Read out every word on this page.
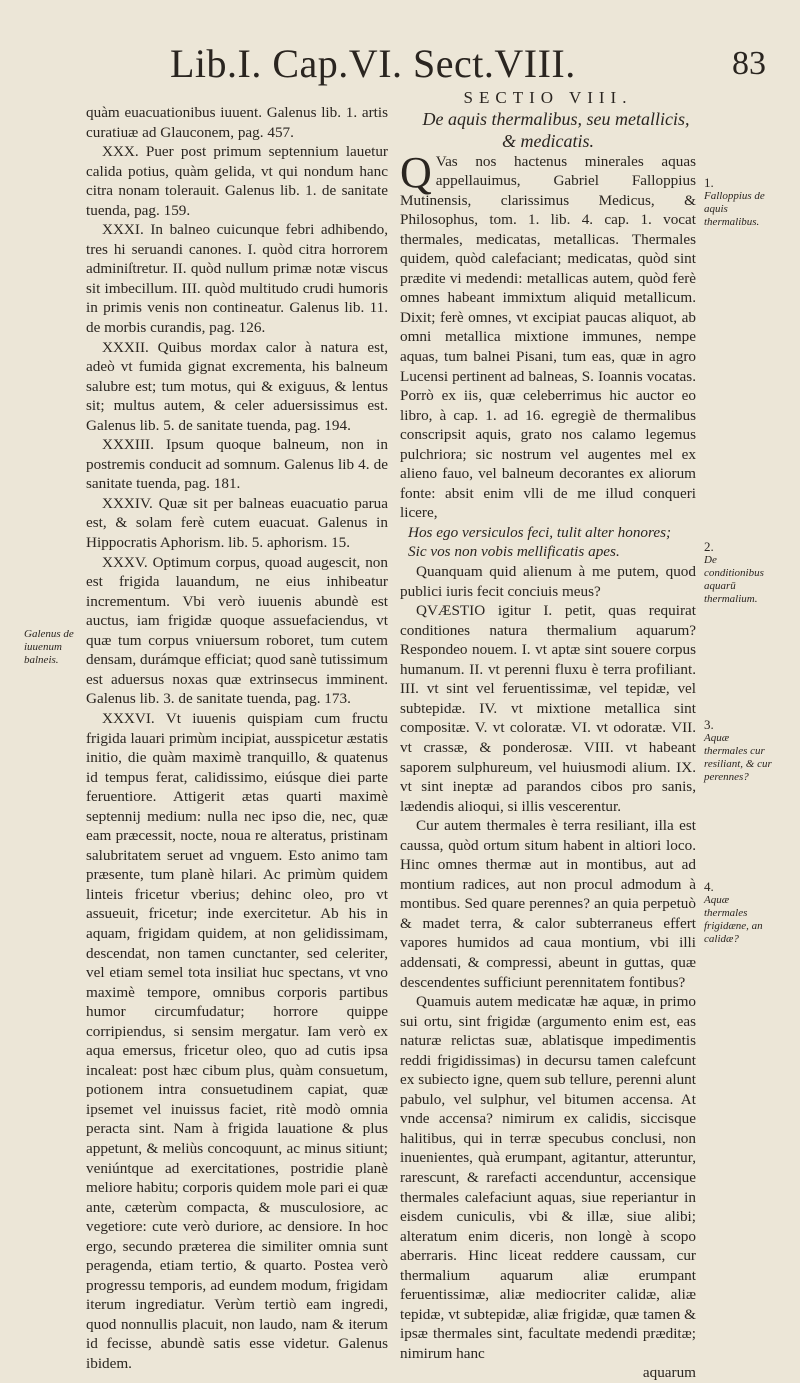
Lib.I. Cap.VI. Sect.VIII.	83

quàm euacuationibus iuuent. Galenus lib. 1. artis curatiuæ ad Glauconem, pag. 457.

XXX. Puer post primum septennium lauetur calida potius, quàm gelida, vt qui nondum hanc citra nonam tolerauit. Galenus lib. 1. de sanitate tuenda, pag. 159.

XXXI. In balneo cuicunque febri adhibendo, tres hi seruandi canones. I. quòd citra horrorem adminiſtretur. II. quòd nullum primæ notæ viscus sit imbecillum. III. quòd multitudo crudi humoris in primis venis non contineatur. Galenus lib. 11. de morbis curandis, pag. 126.

XXXII. Quibus mordax calor à natura est, adeò vt fumida gignat excrementa, his balneum salubre est; tum motus, qui & exiguus, & lentus sit; multus autem, & celer aduersissimus est. Galenus lib. 5. de sanitate tuenda, pag. 194.

XXXIII. Ipsum quoque balneum, non in postremis conducit ad somnum. Galenus lib 4. de sanitate tuenda, pag. 181.

XXXIV. Quæ sit per balneas euacuatio parua est, & solam ferè cutem euacuat. Galenus in Hippocratis Aphorism. lib. 5. aphorism. 15.

XXXV. Optimum corpus, quoad augescit, non est frigida lauandum, ne eius inhibeatur incrementum. Vbi verò iuuenis abundè est auctus, iam frigidæ quoque assuefaciendus, vt quæ tum corpus vniuersum roboret, tum cutem densam, durámque efficiat; quod sanè tutissimum est aduersus noxas quæ extrinsecus imminent. Galenus lib. 3. de sanitate tuenda, pag. 173.

XXXVI. Vt iuuenis quispiam cum fructu frigida lauari primùm incipiat, ausspicetur æstatis initio, die quàm maximè tranquillo, & quatenus id tempus ferat, calidissimo, eiúsque diei parte feruentiore. Attigerit ætas quarti maximè septennij medium: nulla nec ipso die, nec, quæ eam præcessit, nocte, noua re alteratus, pristinam salubritatem seruet ad vnguem. Esto animo tam præsente, tum planè hilari. Ac primùm quidem linteis fricetur vberius; dehinc oleo, pro vt assueuit, fricetur; inde exercitetur. Ab his in aquam, frigidam quidem, at non gelidissimam, descendat, non tamen cunctanter, sed celeriter, vel etiam semel tota insiliat huc spectans, vt vno maximè tempore, omnibus corporis partibus humor circumfudatur; horrore quippe corripiendus, si sensim mergatur. Iam verò ex aqua emersus, fricetur oleo, quo ad cutis ipsa incaleat: post hæc cibum plus, quàm consuetum, potionem intra consuetudinem capiat, quæ ipsemet vel inuissus faciet, ritè modò omnia peracta sint. Nam à frigida lauatione & plus appetunt, & meliùs concoquunt, ac minus sitiunt; veniúntque ad exercitationes, postridie planè meliore habitu; corporis quidem mole pari ei quæ ante, cæterùm compacta, & musculosiore, ac vegetiore: cute verò duriore, ac densiore. In hoc ergo, secundo præterea die similiter omnia sunt peragenda, etiam tertio, & quarto. Postea verò progressu temporis, ad eundem modum, frigidam iterum ingrediatur. Verùm tertiò eam ingredi, quod nonnullis placuit, non laudo, nam & iterum id fecisse, abundè satis esse videtur. Galenus ibidem.

Galenus de iuuenum balneis.

SECTIO VIII.

De aquis thermalibus, seu metallicis, & medicatis.

Q Vas nos hactenus minerales aquas appellauimus, Gabriel Falloppius Mutinensis, clarissimus Medicus, & Philosophus, tom. 1. lib. 4. cap. 1. vocat thermales, medicatas, metallicas. Thermales quidem, quòd calefaciant; medicatas, quòd sint prædite vi medendi: metallicas autem, quòd ferè omnes habeant immixtum aliquid metallicum. Dixit; ferè omnes, vt excipiat paucas aliquot, ab omni metallica mixtione immunes, nempe aquas, tum balnei Pisani, tum eas, quæ in agro Lucensi pertinent ad balneas, S. Ioannis vocatas. Porrò ex iis, quæ celeberrimus hic auctor eo libro, à cap. 1. ad 16. egregiè de thermalibus conscripsit aquis, grato nos calamo legemus pulchriora; sic nostrum vel augentes mel ex alieno fauo, vel balneum decorantes ex aliorum fonte: absit enim vlli de me illud conqueri licere,

Hos ego versiculos feci, tulit alter honores;

Sic vos non vobis mellificatis apes.

Quanquam quid alienum à me putem, quod publici iuris fecit conciuis meus?

QVÆSTIO igitur I. petit, quas requirat conditiones natura thermalium aquarum? Respondeo nouem. I. vt aptæ sint souere corpus humanum. II. vt perenni fluxu è terra profiliant. III. vt sint vel feruentissimæ, vel tepidæ, vel subtepidæ. IV. vt mixtione metallica sint compositæ. V. vt coloratæ. VI. vt odoratæ. VII. vt crassæ, & ponderosæ. VIII. vt habeant saporem sulphureum, vel huiusmodi alium. IX. vt sint ineptæ ad parandos cibos pro sanis, lædendis alioqui, si illis vescerentur.

Cur autem thermales è terra resiliant, illa est caussa, quòd ortum situm habent in altiori loco. Hinc omnes thermæ aut in montibus, aut ad montium radices, aut non procul admodum à montibus. Sed quare perennes? an quia perpetuò & madet terra, & calor subterraneus effert vapores humidos ad caua montium, vbi illi addensati, & compressi, abeunt in guttas, quæ descendentes sufficiunt perennitatem fontibus?

Quamuis autem medicatæ hæ aquæ, in primo sui ortu, sint frigidæ (argumento enim est, eas naturæ relictas suæ, ablatisque impedimentis reddi frigidissimas) in decursu tamen calefcunt ex subiecto igne, quem sub tellure, perenni alunt pabulo, vel sulphur, vel bitumen accensa. At vnde accensa? nimirum ex calidis, siccisque halitibus, qui in terræ specubus conclusi, non inuenientes, quà erumpant, agitantur, atteruntur, rarescunt, & rarefacti accenduntur, accensique thermales calefaciunt aquas, siue reperiantur in eisdem cuniculis, vbi & illæ, siue alibi; alteratum enim diceris, non longè à scopo aberraris. Hinc liceat reddere caussam, cur thermalium aquarum aliæ erumpant feruentissimæ, aliæ mediocriter calidæ, aliæ tepidæ, vt subtepidæ, aliæ frigidæ, quæ tamen & ipsæ thermales sint, facultate medendi præditæ; nimirum hanc

aquarum

1.
Falloppius de aquis thermalibus.
2.
De conditionibus aquarū thermalium.
3.
Aquæ thermales cur resiliant, & cur perennes?
4.
Aquæ thermales frigidæne, an calidæ?
